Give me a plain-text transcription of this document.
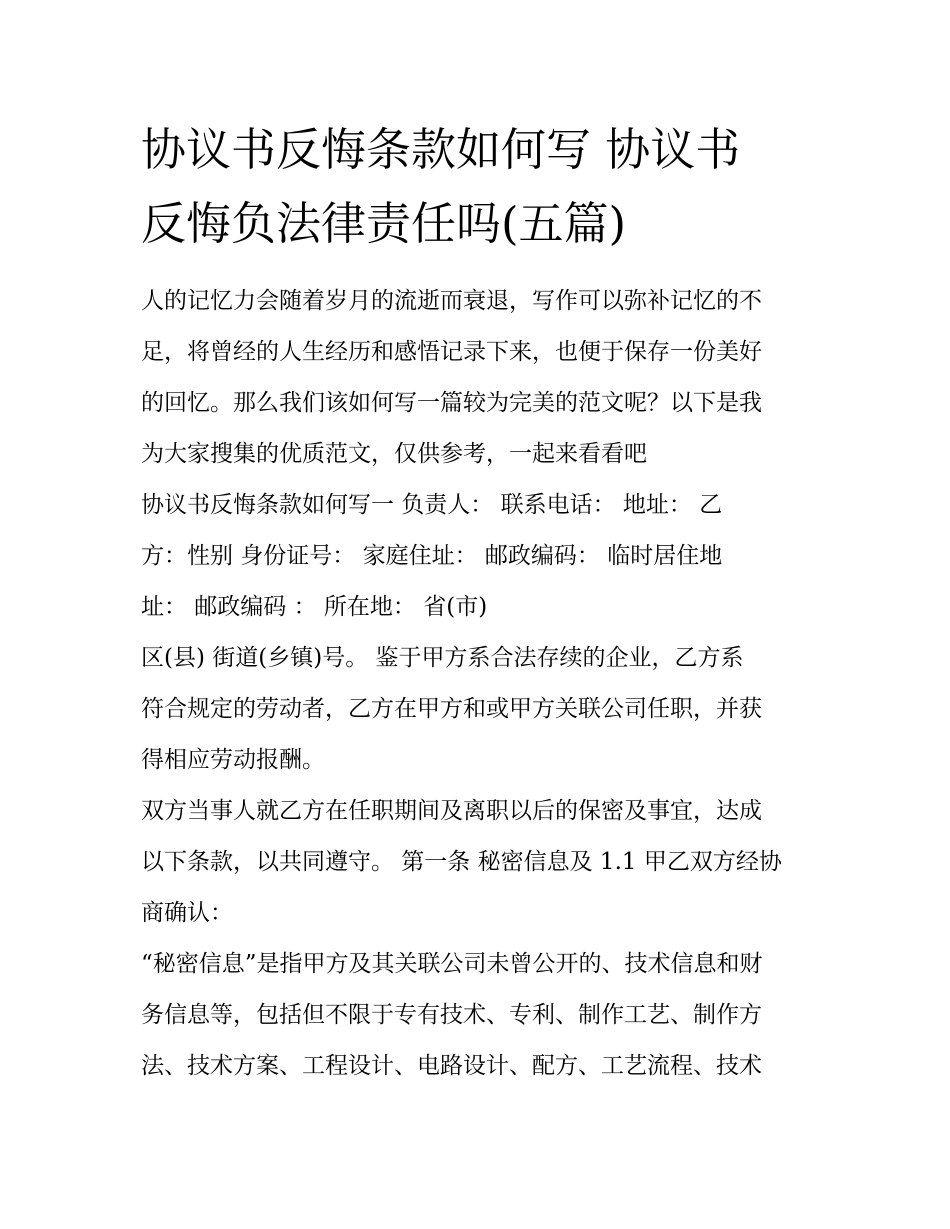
协议书反悔条款如何写 协议书
反悔负法律责任吗(五篇)
人的记忆力会随着岁月的流逝而衰退，写作可以弥补记忆的不
足，将曾经的人生经历和感悟记录下来，也便于保存一份美好
的回忆。那么我们该如何写一篇较为完美的范文呢？以下是我
为大家搜集的优质范文，仅供参考，一起来看看吧
协议书反悔条款如何写一 负责人： 联系电话： 地址： 乙
方：性别 身份证号： 家庭住址： 邮政编码： 临时居住地
址： 邮政编码 ： 所在地： 省(市)
区(县) 街道(乡镇)号。 鉴于甲方系合法存续的企业，乙方系
符合规定的劳动者，乙方在甲方和或甲方关联公司任职，并获
得相应劳动报酬。
双方当事人就乙方在任职期间及离职以后的保密及事宜，达成
以下条款，以共同遵守。 第一条 秘密信息及 1.1 甲乙双方经协
商确认：
“秘密信息”是指甲方及其关联公司未曾公开的、技术信息和财
务信息等，包括但不限于专有技术、专利、制作工艺、制作方
法、技术方案、工程设计、电路设计、配方、工艺流程、技术
